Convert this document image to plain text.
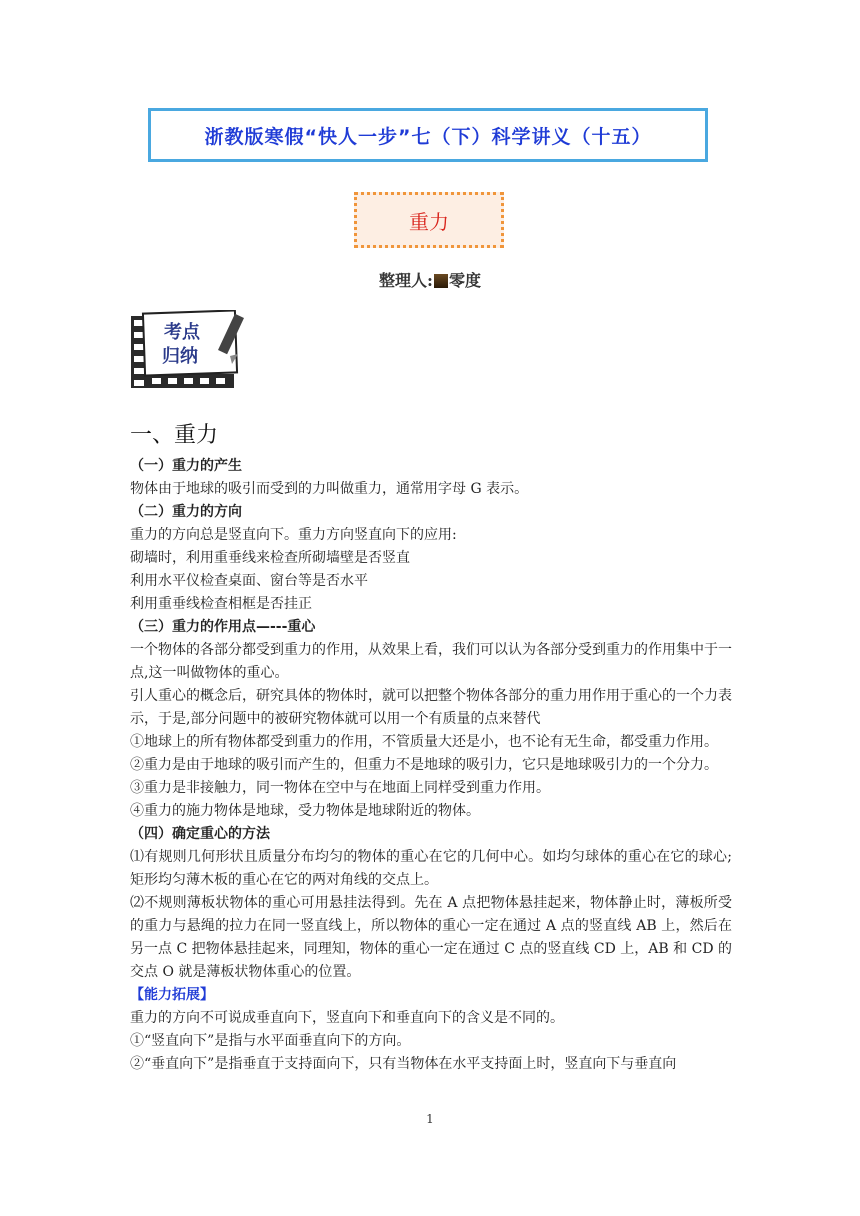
浙教版寒假“快人一步”七（下）科学讲义（十五）
重力
整理人: 零度
考点
归纳
一、重力

（一）重力的产生

物体由于地球的吸引而受到的力叫做重力，通常用字母 G 表示。

（二）重力的方向

重力的方向总是竖直向下。重力方向竖直向下的应用:

砌墙时，利用重垂线来检查所砌墙壁是否竖直

利用水平仪检查桌面、窗台等是否水平

利用重垂线检查相框是否挂正

（三）重力的作用点—---重心

一个物体的各部分都受到重力的作用，从效果上看，我们可以认为各部分受到重力的作用集中于一点,这一叫做物体的重心。

引人重心的概念后，研究具体的物体时，就可以把整个物体各部分的重力用作用于重心的一个力表示，于是,部分问题中的被研究物体就可以用一个有质量的点来替代

①地球上的所有物体都受到重力的作用，不管质量大还是小，也不论有无生命，都受重力作用。

②重力是由于地球的吸引而产生的，但重力不是地球的吸引力，它只是地球吸引力的一个分力。

③重力是非接触力，同一物体在空中与在地面上同样受到重力作用。

④重力的施力物体是地球，受力物体是地球附近的物体。

（四）确定重心的方法

⑴有规则几何形状且质量分布均匀的物体的重心在它的几何中心。如均匀球体的重心在它的球心;矩形均匀薄木板的重心在它的两对角线的交点上。

⑵不规则薄板状物体的重心可用悬挂法得到。先在 A 点把物体悬挂起来，物体静止时，薄板所受的重力与悬绳的拉力在同一竖直线上，所以物体的重心一定在通过 A 点的竖直线 AB 上，然后在另一点 C 把物体悬挂起来，同理知，物体的重心一定在通过 C 点的竖直线 CD 上，AB 和 CD 的交点 O 就是薄板状物体重心的位置。

【能力拓展】

重力的方向不可说成垂直向下，竖直向下和垂直向下的含义是不同的。

①“竖直向下”是指与水平面垂直向下的方向。

②“垂直向下”是指垂直于支持面向下，只有当物体在水平支持面上时，竖直向下与垂直向

1
